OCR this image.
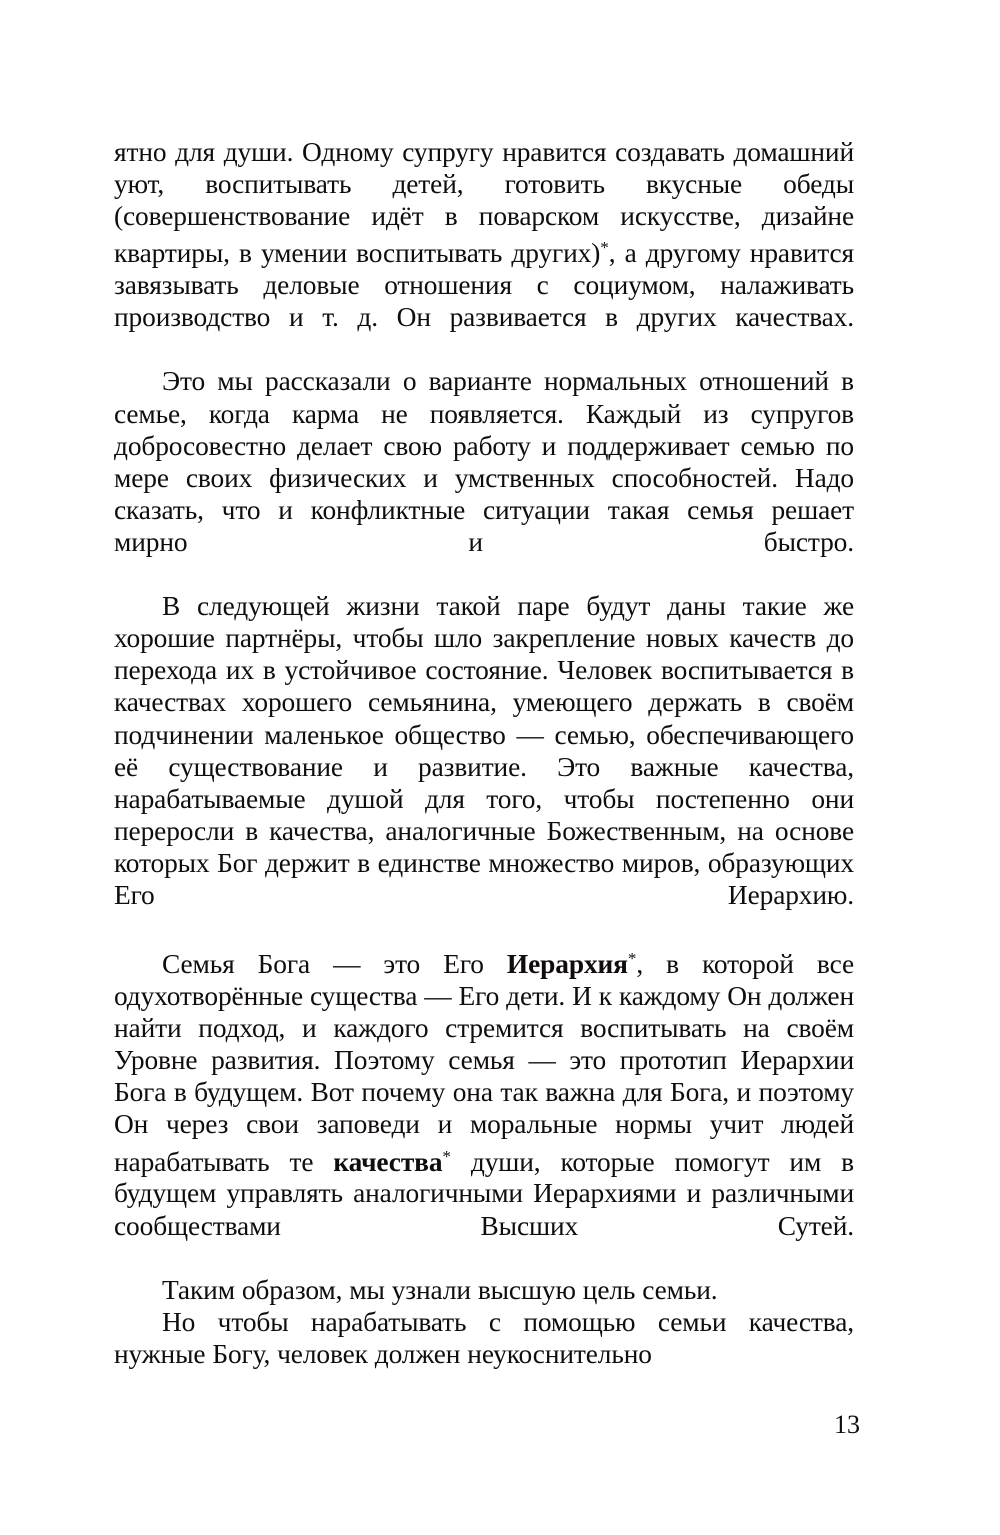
ятно для души. Одному супругу нравится создавать домашний уют, воспитывать детей, готовить вкусные обеды (совершенствование идёт в поварском искусстве, дизайне квартиры, в умении воспитывать других)*, а другому нравится завязывать деловые отношения с социумом, налаживать производство и т. д. Он развивается в других качествах.

Это мы рассказали о варианте нормальных отношений в семье, когда карма не появляется. Каждый из супругов добросовестно делает свою работу и поддерживает семью по мере своих физических и умственных способностей. Надо сказать, что и конфликтные ситуации такая семья решает мирно и быстро.

В следующей жизни такой паре будут даны такие же хорошие партнёры, чтобы шло закрепление новых качеств до перехода их в устойчивое состояние. Человек воспитывается в качествах хорошего семьянина, умеющего держать в своём подчинении маленькое общество — семью, обеспечивающего её существование и развитие. Это важные качества, нарабатываемые душой для того, чтобы постепенно они переросли в качества, аналогичные Божественным, на основе которых Бог держит в единстве множество миров, образующих Его Иерархию.

Семья Бога — это Его Иерархия*, в которой все одухотворённые существа — Его дети. И к каждому Он должен найти подход, и каждого стремится воспитывать на своём Уровне развития. Поэтому семья — это прототип Иерархии Бога в будущем. Вот почему она так важна для Бога, и поэтому Он через свои заповеди и моральные нормы учит людей нарабатывать те качества* души, которые помогут им в будущем управлять аналогичными Иерархиями и различными сообществами Высших Сутей.

Таким образом, мы узнали высшую цель семьи.

Но чтобы нарабатывать с помощью семьи качества, нужные Богу, человек должен неукоснительно

13
